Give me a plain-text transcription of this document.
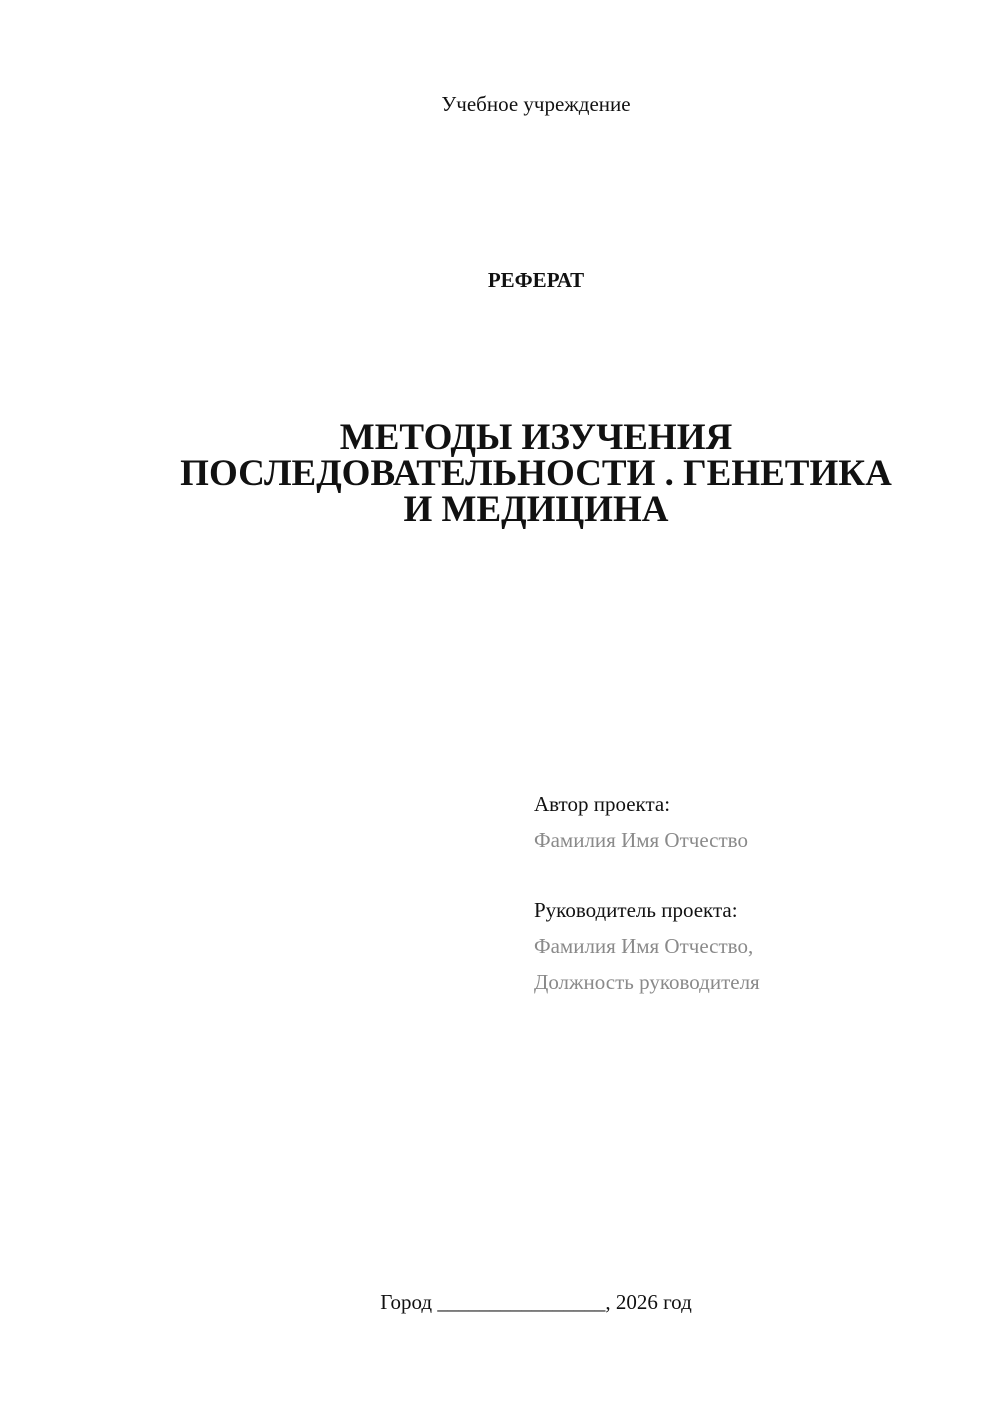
Учебное учреждение
РЕФЕРАТ
МЕТОДЫ ИЗУЧЕНИЯ
ПОСЛЕДОВАТЕЛЬНОСТИ . ГЕНЕТИКА
И МЕДИЦИНА
Автор проекта:
Фамилия Имя Отчество
Руководитель проекта:
Фамилия Имя Отчество,
Должность руководителя
Город ________________, 2026 год
